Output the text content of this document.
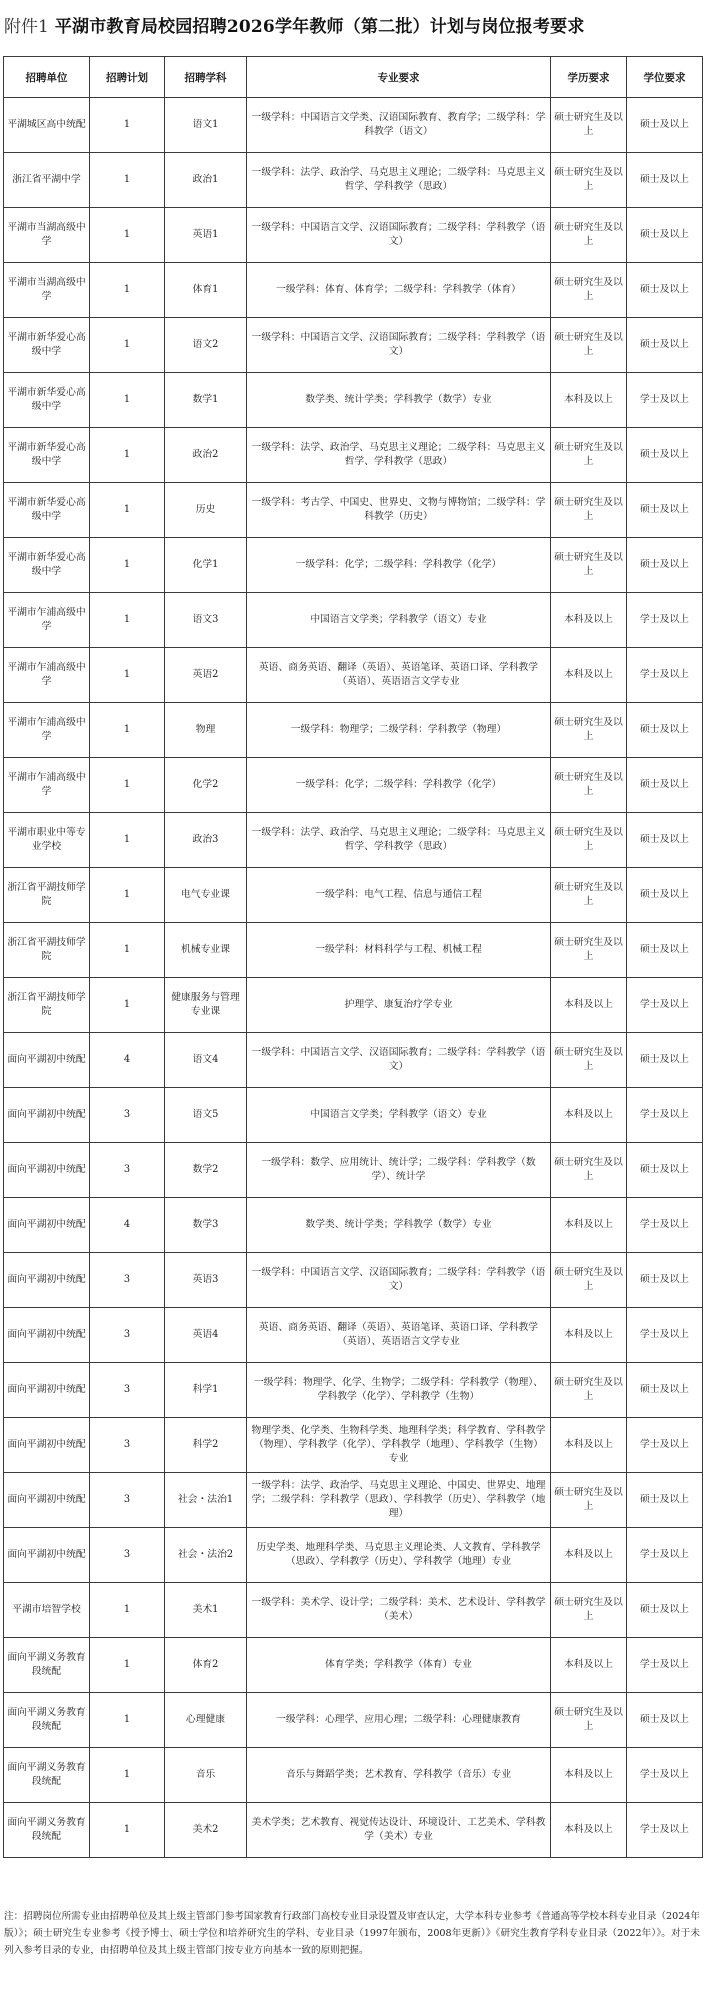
附件1 平湖市教育局校园招聘2026学年教师（第二批）计划与岗位报考要求
招聘单位	招聘计划	招聘学科	专业要求	学历要求	学位要求
平湖城区高中统配	1	语文1	一级学科：中国语言文学类、汉语国际教育、教育学；二级学科：学科教学（语文）	硕士研究生及以上	硕士及以上
浙江省平湖中学	1	政治1	一级学科：法学、政治学、马克思主义理论；二级学科：马克思主义哲学、学科教学（思政）	硕士研究生及以上	硕士及以上
平湖市当湖高级中学	1	英语1	一级学科：中国语言文学、汉语国际教育；二级学科：学科教学（语文）	硕士研究生及以上	硕士及以上
平湖市当湖高级中学	1	体育1	一级学科：体育、体育学；二级学科：学科教学（体育）	硕士研究生及以上	硕士及以上
平湖市新华爱心高级中学	1	语文2	一级学科：中国语言文学、汉语国际教育；二级学科：学科教学（语文）	硕士研究生及以上	硕士及以上
平湖市新华爱心高级中学	1	数学1	数学类、统计学类；学科教学（数学）专业	本科及以上	学士及以上
平湖市新华爱心高级中学	1	政治2	一级学科：法学、政治学、马克思主义理论；二级学科：马克思主义哲学、学科教学（思政）	硕士研究生及以上	硕士及以上
平湖市新华爱心高级中学	1	历史	一级学科：考古学、中国史、世界史、文物与博物馆；二级学科：学科教学（历史）	硕士研究生及以上	硕士及以上
平湖市新华爱心高级中学	1	化学1	一级学科：化学；二级学科：学科教学（化学）	硕士研究生及以上	硕士及以上
平湖市乍浦高级中学	1	语文3	中国语言文学类；学科教学（语文）专业	本科及以上	学士及以上
平湖市乍浦高级中学	1	英语2	英语、商务英语、翻译（英语）、英语笔译、英语口译、学科教学（英语）、英语语言文学专业	本科及以上	学士及以上
平湖市乍浦高级中学	1	物理	一级学科：物理学；二级学科：学科教学（物理）	硕士研究生及以上	硕士及以上
平湖市乍浦高级中学	1	化学2	一级学科：化学；二级学科：学科教学（化学）	硕士研究生及以上	硕士及以上
平湖市职业中等专业学校	1	政治3	一级学科：法学、政治学、马克思主义理论；二级学科：马克思主义哲学、学科教学（思政）	硕士研究生及以上	硕士及以上
浙江省平湖技师学院	1	电气专业课	一级学科：电气工程、信息与通信工程	硕士研究生及以上	硕士及以上
浙江省平湖技师学院	1	机械专业课	一级学科：材料科学与工程、机械工程	硕士研究生及以上	硕士及以上
浙江省平湖技师学院	1	健康服务与管理专业课	护理学、康复治疗学专业	本科及以上	学士及以上
面向平湖初中统配	4	语文4	一级学科：中国语言文学、汉语国际教育；二级学科：学科教学（语文）	硕士研究生及以上	硕士及以上
面向平湖初中统配	3	语文5	中国语言文学类；学科教学（语文）专业	本科及以上	学士及以上
面向平湖初中统配	3	数学2	一级学科：数学、应用统计、统计学；二级学科：学科教学（数学）、统计学	硕士研究生及以上	硕士及以上
面向平湖初中统配	4	数学3	数学类、统计学类；学科教学（数学）专业	本科及以上	学士及以上
面向平湖初中统配	3	英语3	一级学科：中国语言文学、汉语国际教育；二级学科：学科教学（语文）	硕士研究生及以上	硕士及以上
面向平湖初中统配	3	英语4	英语、商务英语、翻译（英语）、英语笔译、英语口译、学科教学（英语）、英语语言文学专业	本科及以上	学士及以上
面向平湖初中统配	3	科学1	一级学科：物理学、化学、生物学；二级学科：学科教学（物理）、学科教学（化学）、学科教学（生物）	硕士研究生及以上	硕士及以上
面向平湖初中统配	3	科学2	物理学类、化学类、生物科学类、地理科学类；科学教育、学科教学（物理）、学科教学（化学）、学科教学（地理）、学科教学（生物）专业	本科及以上	学士及以上
面向平湖初中统配	3	社会・法治1	一级学科：法学、政治学、马克思主义理论、中国史、世界史、地理学；二级学科：学科教学（思政）、学科教学（历史）、学科教学（地理）	硕士研究生及以上	硕士及以上
面向平湖初中统配	3	社会・法治2	历史学类、地理科学类、马克思主义理论类、人文教育、学科教学（思政）、学科教学（历史）、学科教学（地理）专业	本科及以上	学士及以上
平湖市培智学校	1	美术1	一级学科：美术学、设计学；二级学科：美术、艺术设计、学科教学（美术）	硕士研究生及以上	硕士及以上
面向平湖义务教育段统配	1	体育2	体育学类；学科教学（体育）专业	本科及以上	学士及以上
面向平湖义务教育段统配	1	心理健康	一级学科：心理学、应用心理；二级学科：心理健康教育	硕士研究生及以上	硕士及以上
面向平湖义务教育段统配	1	音乐	音乐与舞蹈学类；艺术教育、学科教学（音乐）专业	本科及以上	学士及以上
面向平湖义务教育段统配	1	美术2	美术学类；艺术教育、视觉传达设计、环境设计、工艺美术、学科教学（美术）专业	本科及以上	学士及以上
注：招聘岗位所需专业由招聘单位及其上级主管部门参考国家教育行政部门高校专业目录设置及审查认定，大学本科专业参考《普通高等学校本科专业目录（2024年版）》；硕士研究生专业参考《授予博士、硕士学位和培养研究生的学科、专业目录（1997年颁布，2008年更新）》《研究生教育学科专业目录（2022年）》。对于未列入参考目录的专业，由招聘单位及其上级主管部门按专业方向基本一致的原则把握。
